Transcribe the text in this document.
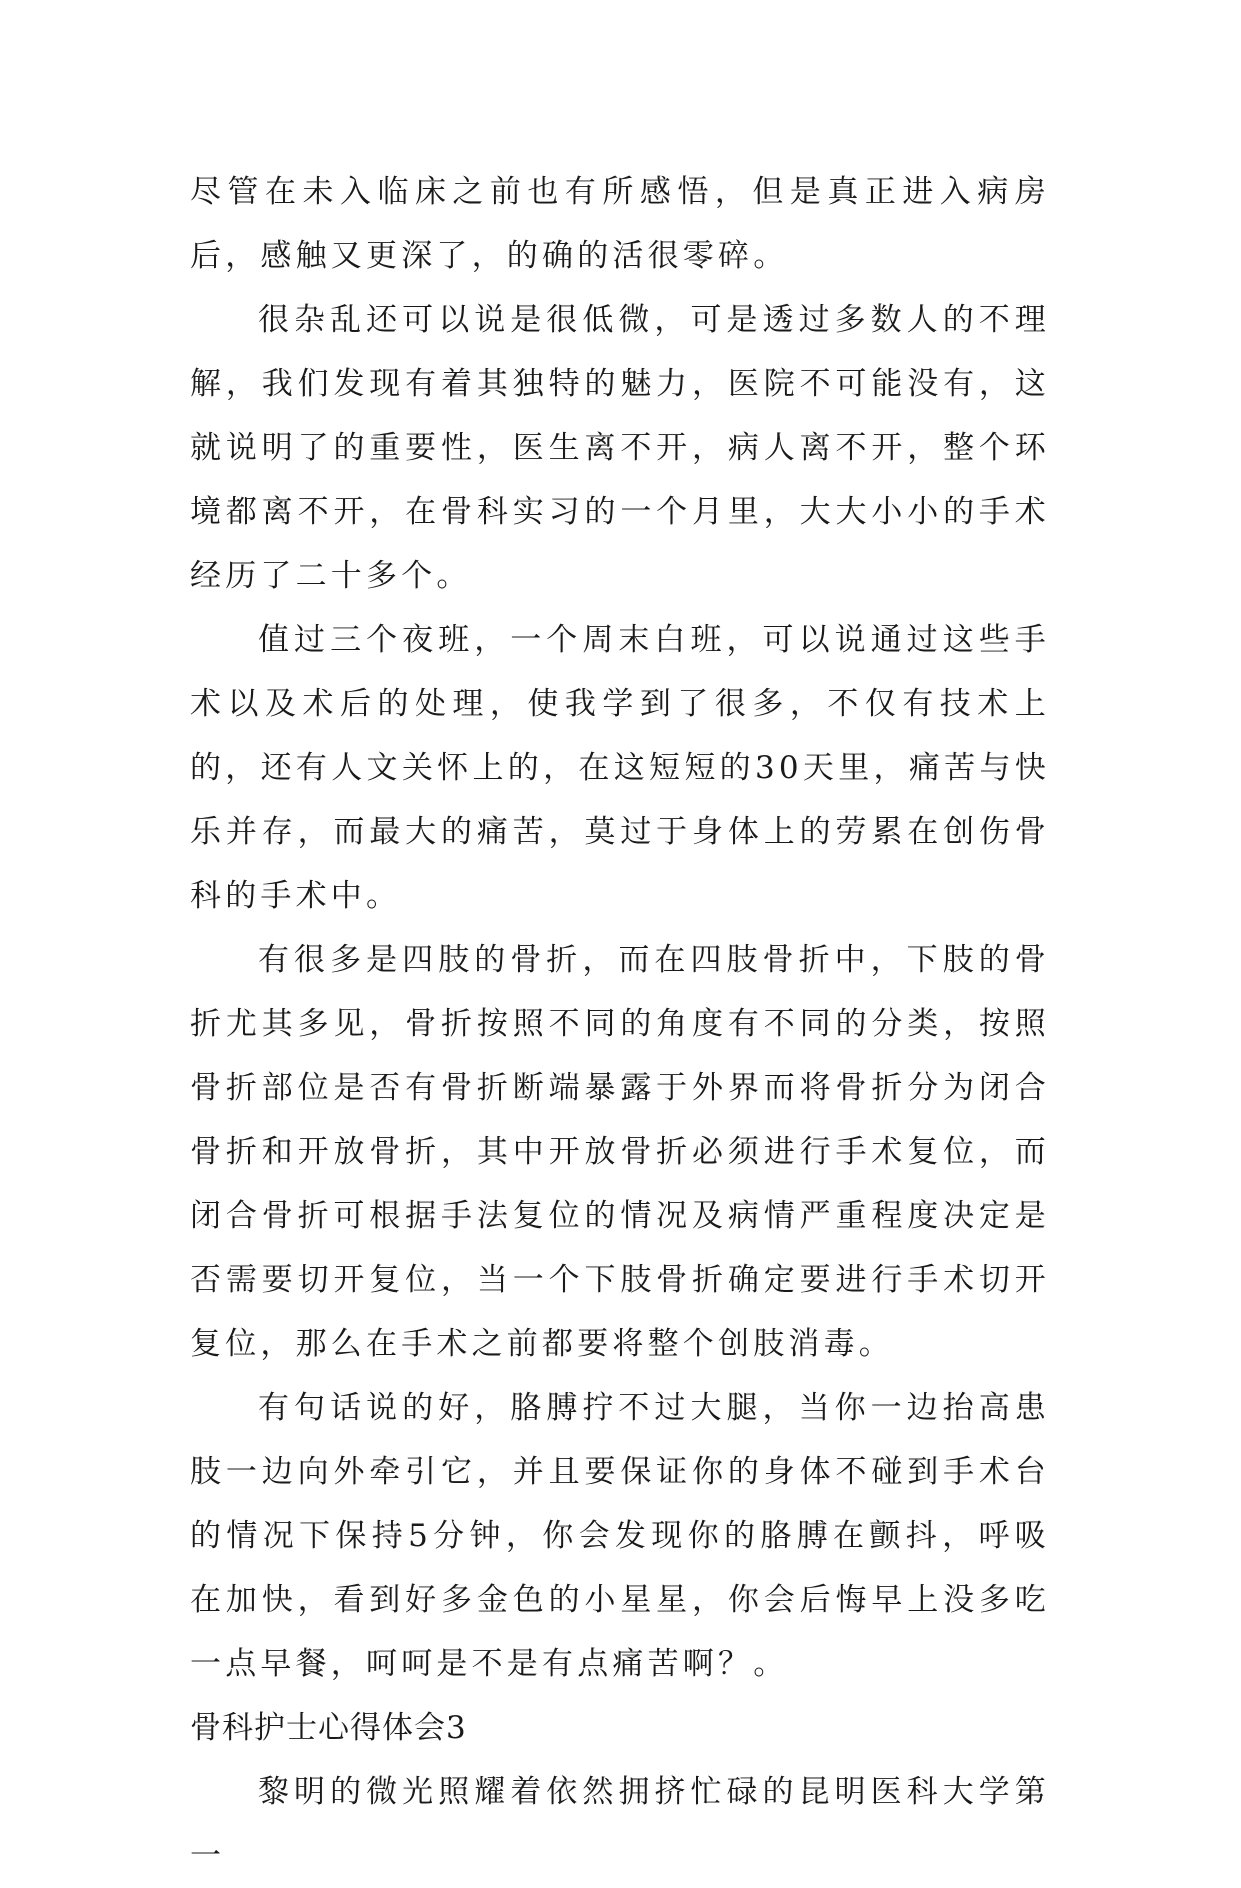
尽管在未入临床之前也有所感悟，但是真正进入病房后，感触又更深了，的确的活很零碎。

很杂乱还可以说是很低微，可是透过多数人的不理解，我们发现有着其独特的魅力，医院不可能没有，这就说明了的重要性，医生离不开，病人离不开，整个环境都离不开，在骨科实习的一个月里，大大小小的手术经历了二十多个。

值过三个夜班，一个周末白班，可以说通过这些手术以及术后的处理，使我学到了很多，不仅有技术上的，还有人文关怀上的，在这短短的30天里，痛苦与快乐并存，而最大的痛苦，莫过于身体上的劳累在创伤骨科的手术中。

有很多是四肢的骨折，而在四肢骨折中，下肢的骨折尤其多见，骨折按照不同的角度有不同的分类，按照骨折部位是否有骨折断端暴露于外界而将骨折分为闭合骨折和开放骨折，其中开放骨折必须进行手术复位，而闭合骨折可根据手法复位的情况及病情严重程度决定是否需要切开复位，当一个下肢骨折确定要进行手术切开复位，那么在手术之前都要将整个创肢消毒。

有句话说的好，胳膊拧不过大腿，当你一边抬高患肢一边向外牵引它，并且要保证你的身体不碰到手术台的情况下保持5分钟，你会发现你的胳膊在颤抖，呼吸在加快，看到好多金色的小星星，你会后悔早上没多吃一点早餐，呵呵是不是有点痛苦啊？。

骨科护士心得体会3

黎明的微光照耀着依然拥挤忙碌的昆明医科大学第一
